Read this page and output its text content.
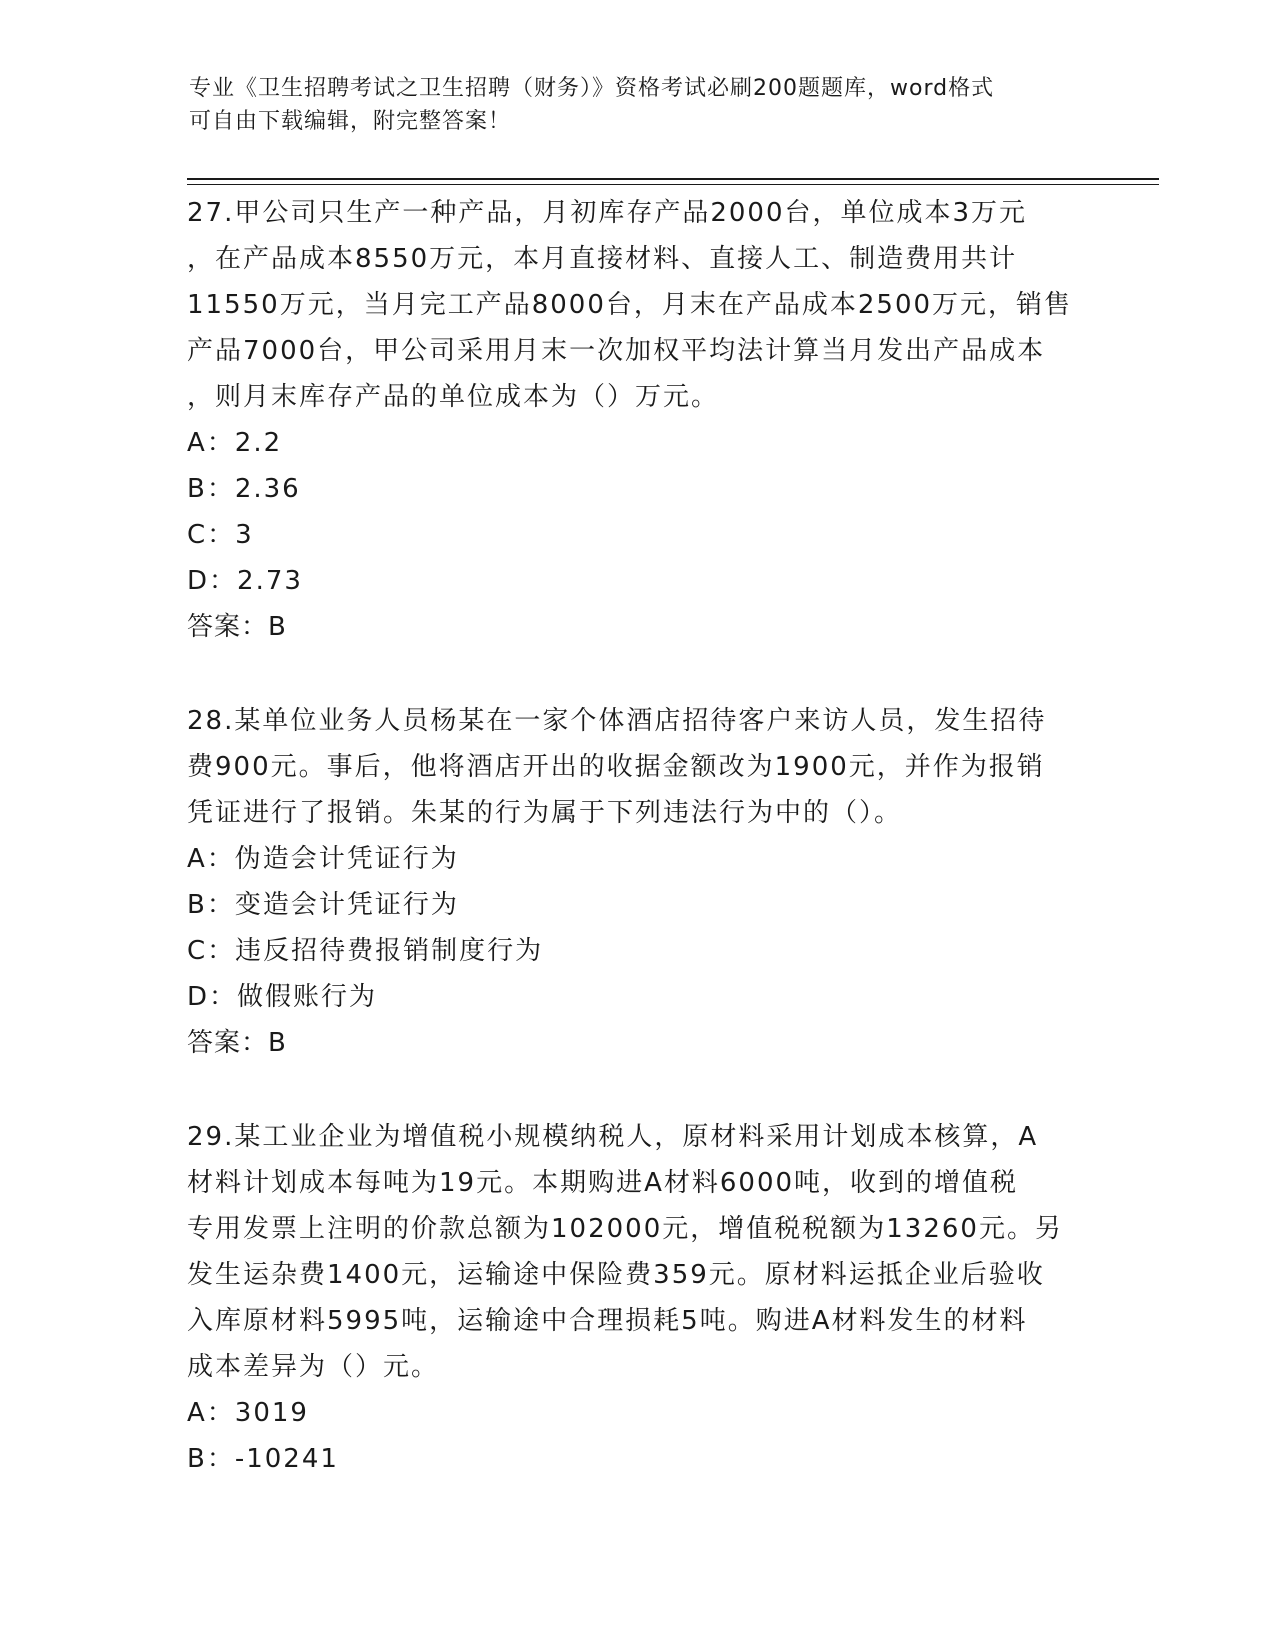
专业《卫生招聘考试之卫生招聘（财务）》资格考试必刷200题题库，word格式
可自由下载编辑，附完整答案！
27.甲公司只生产一种产品，月初库存产品2000台，单位成本3万元
，在产品成本8550万元，本月直接材料、直接人工、制造费用共计
11550万元，当月完工产品8000台，月末在产品成本2500万元，销售
产品7000台，甲公司采用月末一次加权平均法计算当月发出产品成本
，则月末库存产品的单位成本为（）万元。
A：2.2
B：2.36
C：3
D：2.73
答案：B
28.某单位业务人员杨某在一家个体酒店招待客户来访人员，发生招待
费900元。事后，他将酒店开出的收据金额改为1900元，并作为报销
凭证进行了报销。朱某的行为属于下列违法行为中的（）。
A：伪造会计凭证行为
B：变造会计凭证行为
C：违反招待费报销制度行为
D：做假账行为
答案：B
29.某工业企业为增值税小规模纳税人，原材料采用计划成本核算，A
材料计划成本每吨为19元。本期购进A材料6000吨，收到的增值税
专用发票上注明的价款总额为102000元，增值税税额为13260元。另
发生运杂费1400元，运输途中保险费359元。原材料运抵企业后验收
入库原材料5995吨，运输途中合理损耗5吨。购进A材料发生的材料
成本差异为（）元。
A：3019
B：-10241
